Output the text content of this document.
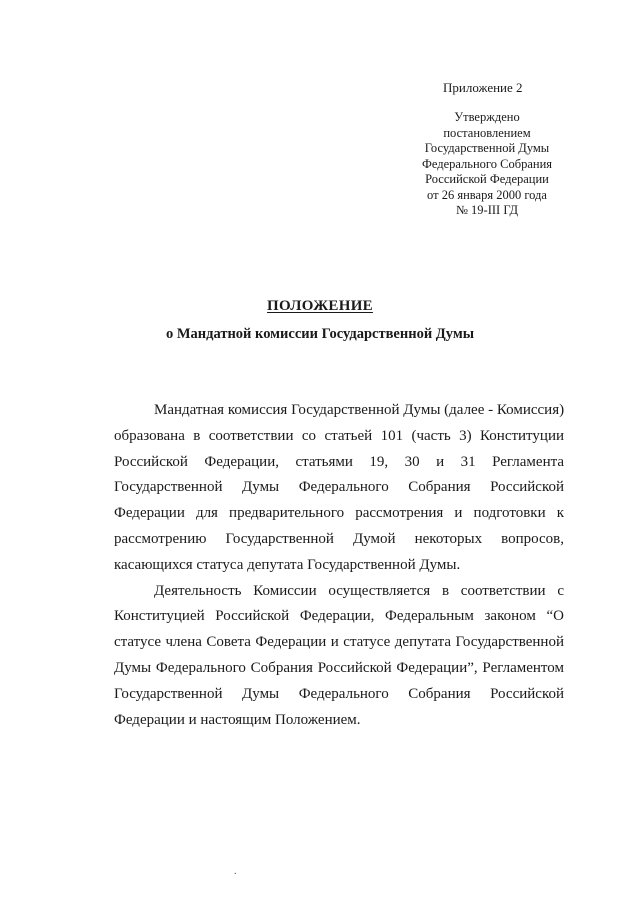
Приложение 2
Утверждено
постановлением
Государственной Думы
Федерального Собрания
Российской Федерации
от 26 января 2000 года
№ 19-III ГД
ПОЛОЖЕНИЕ
о Мандатной комиссии Государственной Думы
Мандатная комиссия Государственной Думы (далее - Комиссия)
образована в соответствии со статьей 101 (часть 3) Конституции
Российской Федерации, статьями 19, 30 и 31 Регламента
Государственной Думы Федерального Собрания Российской
Федерации для предварительного рассмотрения и подготовки к
рассмотрению Государственной Думой некоторых вопросов,
касающихся статуса депутата Государственной Думы.
Деятельность Комиссии осуществляется в соответствии с
Конституцией Российской Федерации, Федеральным законом “О
статусе члена Совета Федерации и статусе депутата Государственной
Думы Федерального Собрания Российской Федерации”, Регламентом
Государственной Думы Федерального Собрания Российской
Федерации и настоящим Положением.
.
